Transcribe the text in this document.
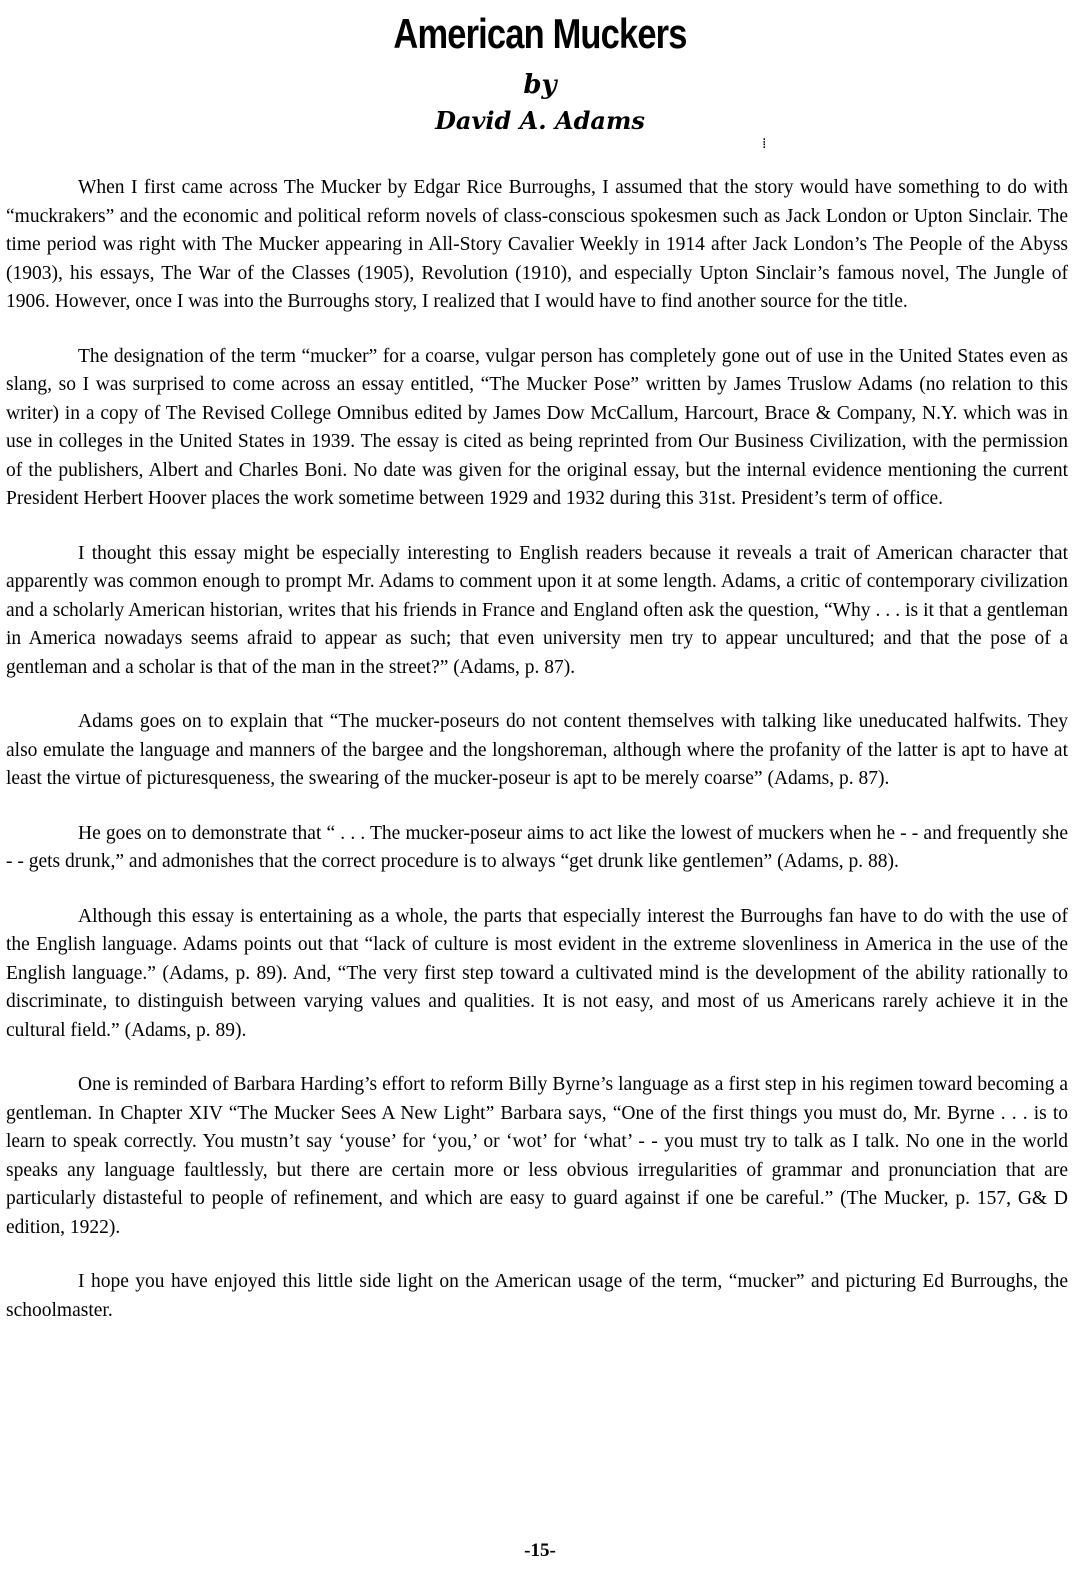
American Muckers
by
David A. Adams
⁞

When I first came across The Mucker by Edgar Rice Burroughs, I assumed that the story would have something to do with “muckrakers” and the economic and political reform novels of class-conscious spokesmen such as Jack London or Upton Sinclair. The time period was right with The Mucker appearing in All-Story Cavalier Weekly in 1914 after Jack London’s The People of the Abyss (1903), his essays, The War of the Classes (1905), Revolution (1910), and especially Upton Sinclair’s famous novel, The Jungle of 1906. However, once I was into the Burroughs story, I realized that I would have to find another source for the title.

The designation of the term “mucker” for a coarse, vulgar person has completely gone out of use in the United States even as slang, so I was surprised to come across an essay entitled, “The Mucker Pose” written by James Truslow Adams (no relation to this writer) in a copy of The Revised College Omnibus edited by James Dow McCallum, Harcourt, Brace & Company, N.Y. which was in use in colleges in the United States in 1939. The essay is cited as being reprinted from Our Business Civilization, with the permission of the publishers, Albert and Charles Boni. No date was given for the original essay, but the internal evidence mentioning the current President Herbert Hoover places the work sometime between 1929 and 1932 during this 31st. President’s term of office.

I thought this essay might be especially interesting to English readers because it reveals a trait of American character that apparently was common enough to prompt Mr. Adams to comment upon it at some length. Adams, a critic of contemporary civilization and a scholarly American historian, writes that his friends in France and England often ask the question, “Why . . . is it that a gentleman in America nowadays seems afraid to appear as such; that even university men try to appear uncultured; and that the pose of a gentleman and a scholar is that of the man in the street?” (Adams, p. 87).

Adams goes on to explain that “The mucker-poseurs do not content themselves with talking like uneducated halfwits. They also emulate the language and manners of the bargee and the longshoreman, although where the profanity of the latter is apt to have at least the virtue of picturesqueness, the swearing of the mucker-poseur is apt to be merely coarse” (Adams, p. 87).

He goes on to demonstrate that “ . . . The mucker-poseur aims to act like the lowest of muckers when he - - and frequently she - - gets drunk,” and admonishes that the correct procedure is to always “get drunk like gentlemen” (Adams, p. 88).

Although this essay is entertaining as a whole, the parts that especially interest the Burroughs fan have to do with the use of the English language. Adams points out that “lack of culture is most evident in the extreme slovenliness in America in the use of the English language.” (Adams, p. 89). And, “The very first step toward a cultivated mind is the development of the ability rationally to discriminate, to distinguish between varying values and qualities. It is not easy, and most of us Americans rarely achieve it in the cultural field.” (Adams, p. 89).

One is reminded of Barbara Harding’s effort to reform Billy Byrne’s language as a first step in his regimen toward becoming a gentleman. In Chapter XIV “The Mucker Sees A New Light” Barbara says, “One of the first things you must do, Mr. Byrne . . . is to learn to speak correctly. You mustn’t say ‘youse’ for ‘you,’ or ‘wot’ for ‘what’ - - you must try to talk as I talk. No one in the world speaks any language faultlessly, but there are certain more or less obvious irregularities of grammar and pronunciation that are particularly distasteful to people of refinement, and which are easy to guard against if one be careful.” (The Mucker, p. 157, G& D edition, 1922).

I hope you have enjoyed this little side light on the American usage of the term, “mucker” and picturing Ed Burroughs, the schoolmaster.

-15-
